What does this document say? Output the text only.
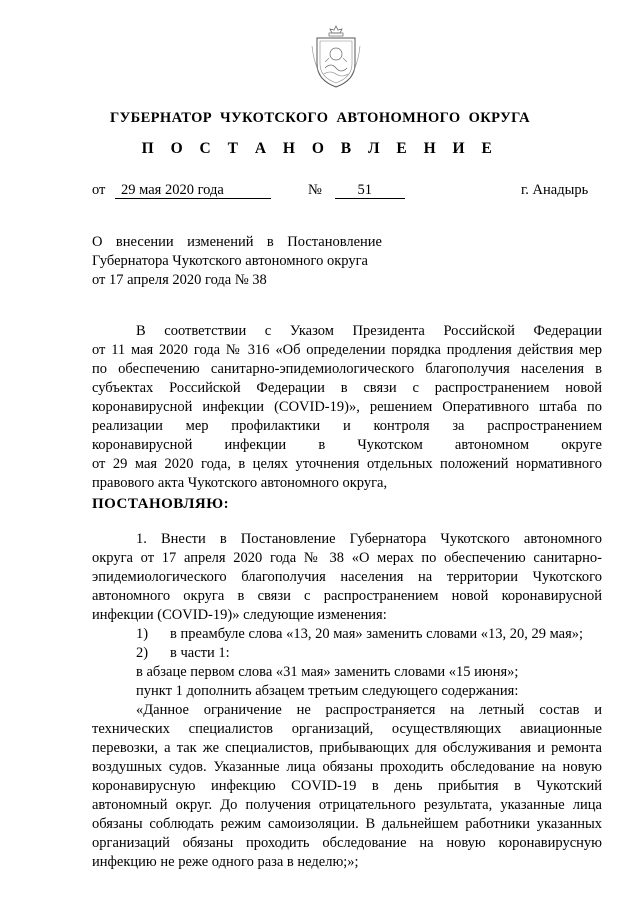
ГУБЕРНАТОР ЧУКОТСКОГО АВТОНОМНОГО ОКРУГА
П О С Т А Н О В Л Е Н И Е
от 29 мая 2020 года	№ 51	г. Анадырь
О внесении изменений в Постановление
Губернатора Чукотского автономного округа
от 17 апреля 2020 года № 38
В соответствии с Указом Президента Российской Федерации
от 11 мая 2020 года № 316 «Об определении порядка продления действия мер
по обеспечению санитарно-эпидемиологического благополучия населения в
субъектах Российской Федерации в связи с распространением новой
коронавирусной инфекции (COVID-19)», решением Оперативного штаба по
реализации мер профилактики и контроля за распространением
коронавирусной инфекции в Чукотском автономном округе
от 29 мая 2020 года, в целях уточнения отдельных положений нормативного
правового акта Чукотского автономного округа,
ПОСТАНОВЛЯЮ:
1. Внести в Постановление Губернатора Чукотского автономного
округа от 17 апреля 2020 года № 38 «О мерах по обеспечению санитарно-
эпидемиологического благополучия населения на территории Чукотского
автономного округа в связи с распространением новой коронавирусной
инфекции (COVID-19)» следующие изменения:
1)	в преамбуле слова «13, 20 мая» заменить словами «13, 20, 29 мая»;
2)	в части 1:
в абзаце первом слова «31 мая» заменить словами «15 июня»;
пункт 1 дополнить абзацем третьим следующего содержания:
«Данное ограничение не распространяется на летный состав и
технических специалистов организаций, осуществляющих авиационные
перевозки, а так же специалистов, прибывающих для обслуживания и ремонта
воздушных судов. Указанные лица обязаны проходить обследование на новую
коронавирусную инфекцию COVID-19 в день прибытия в Чукотский
автономный округ. До получения отрицательного результата, указанные лица
обязаны соблюдать режим самоизоляции. В дальнейшем работники указанных
организаций обязаны проходить обследование на новую коронавирусную
инфекцию не реже одного раза в неделю;»;
